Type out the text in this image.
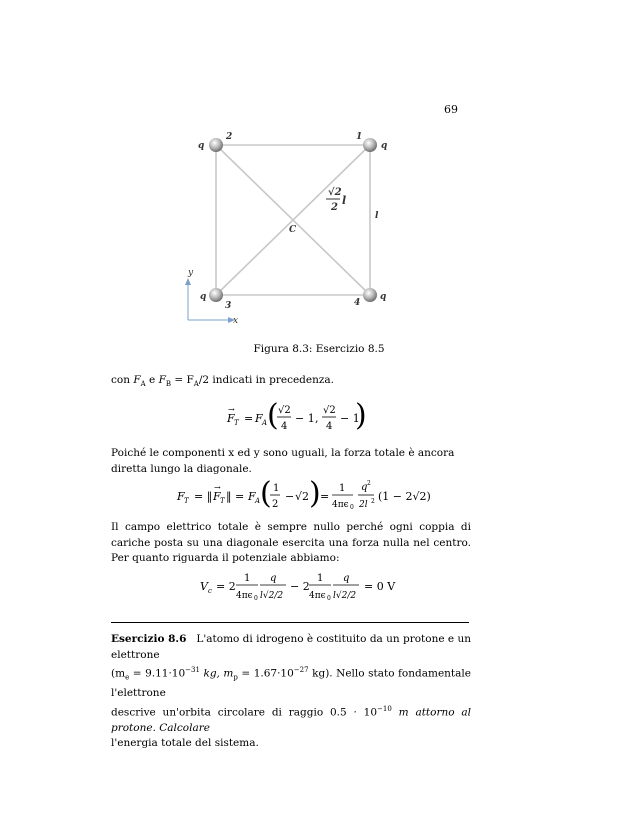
69
q
2	1
q
q
3	4
q
C
l
√2
l
2
y
x
Figura 8.3: Esercizio 8.5
con $F_A$ e $F_B = F_A/2$ indicati in precedenza.
F
→
T = F A ( √2
4
− 1 ,
√2
4
− 1
)
Poiché le componenti x ed y sono uguali, la forza totale è ancora diretta lungo la diagonale.
F T = ‖ F
→
T ‖ = F A ( 1
2
− √2 ) =
1
4πϵ 0
q 2
2l 2 (1 − 2√2)
Il campo elettrico totale è sempre nullo perché ogni coppia di cariche posta su una diagonale esercita una forza nulla nel centro. Per quanto riguarda il potenziale abbiamo:
V c = 2
1
4πϵ 0
q
l√2/2
− 2
1
4πϵ 0
q
l√2/2
= 0 V
Esercizio 8.6 L'atomo di idrogeno è costituito da un protone e un elettrone
($m_e = 9.11\cdot 10^{-31}$ kg, $m_p = 1.67\cdot 10^{-27}$ kg). Nello stato fondamentale l'elettrone
descrive un'orbita circolare di raggio $0.5 \cdot 10^{-10}$ m attorno al protone. Calcolare
l'energia totale del sistema.
